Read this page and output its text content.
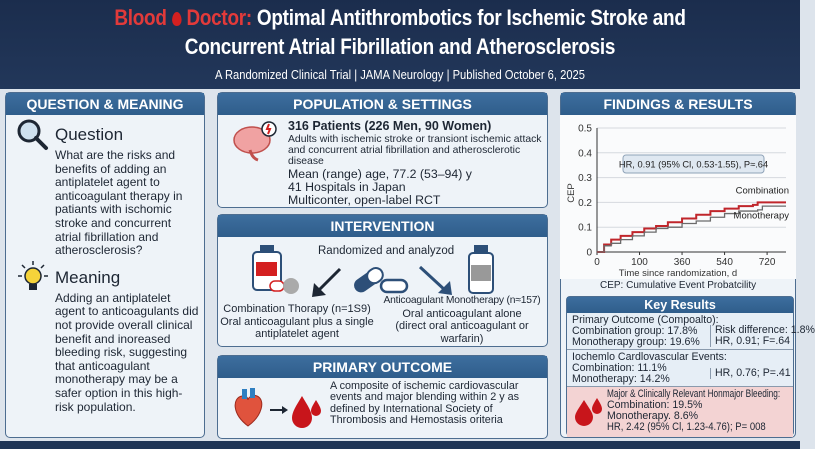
Blood Doctor: Optimal Antithrombotics for Ischemic Stroke and
Concurrent Atrial Fibrillation and Atherosclerosis
A Randomized Clinical Trial | JAMA Neurology | Published October 6, 2025
QUESTION & MEANING
Question
What are the risks and benefits of adding an antiplatelet agent to anticoagulant therapy in patiants with ischomic stroke and concurrent atrial fibrillation and atherosclerosis?
Meaning
Adding an antiplatelet agent to anticoagulants did not provide overall clinical benefit and inoreased bleeding risk, suggesting that anticoagulant monotherapy may be a safer option in this high-risk population.
POPULATION & SETTINGS
316 Patients (226 Men, 90 Women)
Adults with ischemic stroke or transiont ischemic attack and concurrent atrial fibrillation and atherosclerotic disease
Mean (range) age, 77.2 (53–94) y
41 Hospitals in Japan
Multiconter, open-label RCT
INTERVENTION
Randomized and analyzod
Combination Thorapy (n=1S9)
Oral anticoagulant plus a single antiplatelet agent
Anticoagulant Monotherapy (n≈157)
Oral anticoagulant alone (direct oral anticoagulant or warfarin)
PRIMARY OUTCOME
A composite of ischemic cardiovascular events and major blending within 2 y as defined by International Society of Thrombosis and Hemostasis oriteria
FINDINGS & RESULTS
0
0.1
0.2
0.3
0.4
0.5
0	100	360	540	720
Time since randomization, d
CEP	Combination
Monotherapy
HR, 0.91 (95% Cl, 0.53-1.55), P≈.64
CEP: Cumulative Event Probatcility
Key Results
Primary Outcome (Compoalto):
Combination group: 17.8%
Monotherapy group: 19.6%
Risk difference: 1.8%
HR, 0.91; F=.64
Iochemlo Cardlovascular Events:
Combination: 11.1%
Monotherapy: 14.2%	HR, 0.76; P=.41
Major & Clinically Relevant Honmajor Bleeding:
Combination: 19.5%
Monotherapy. 8.6%
HR, 2.42 (95% Cl, 1.23-4.76); P= 008
